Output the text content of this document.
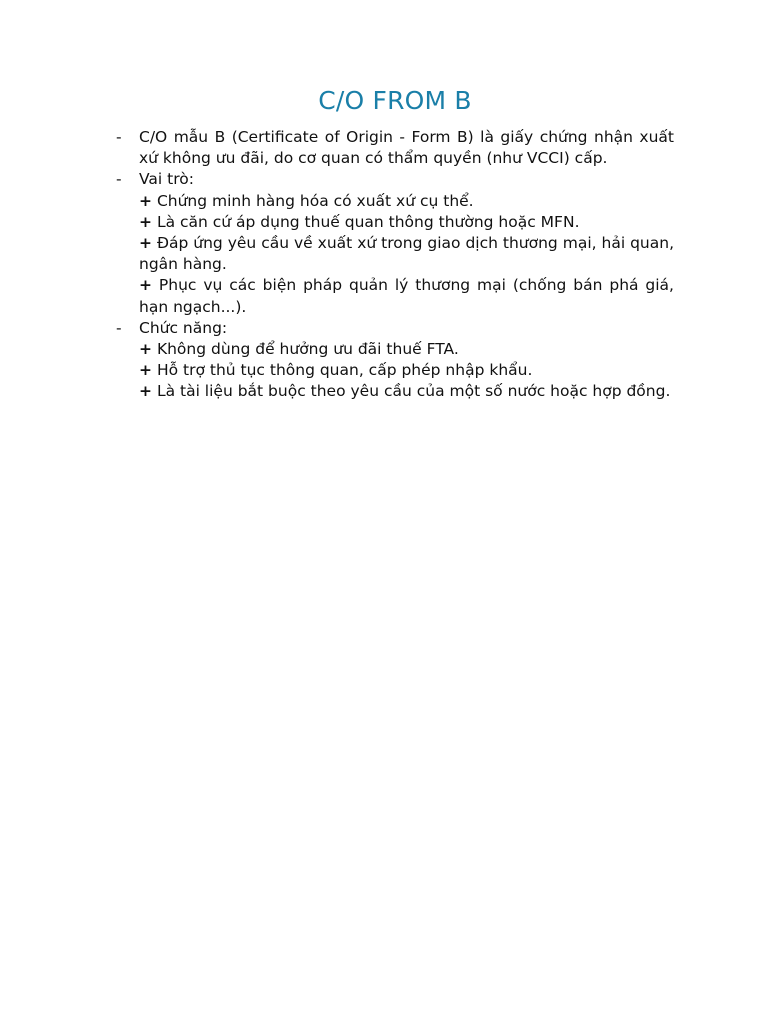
C/O FROM B
- C/O mẫu B (Certificate of Origin - Form B) là giấy chứng nhận xuất xứ không ưu đãi, do cơ quan có thẩm quyền (như VCCI) cấp.
- Vai trò:
+ Chứng minh hàng hóa có xuất xứ cụ thể.
+ Là căn cứ áp dụng thuế quan thông thường hoặc MFN.
+ Đáp ứng yêu cầu về xuất xứ trong giao dịch thương mại, hải quan, ngân hàng.
+ Phục vụ các biện pháp quản lý thương mại (chống bán phá giá, hạn ngạch...).
- Chức năng:
+ Không dùng để hưởng ưu đãi thuế FTA.
+ Hỗ trợ thủ tục thông quan, cấp phép nhập khẩu.
+ Là tài liệu bắt buộc theo yêu cầu của một số nước hoặc hợp đồng.
